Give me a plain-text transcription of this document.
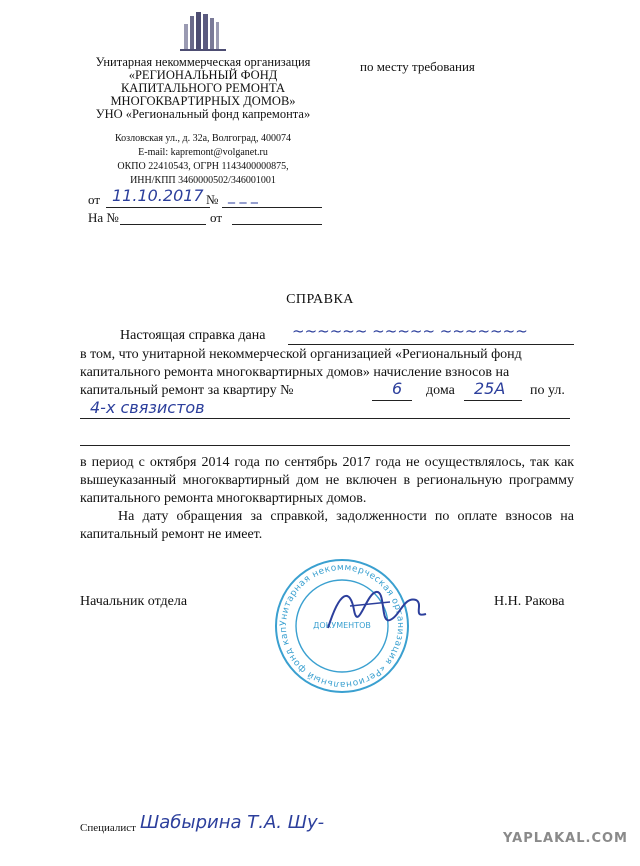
Унитарная некоммерческая организация
«РЕГИОНАЛЬНЫЙ ФОНД
КАПИТАЛЬНОГО РЕМОНТА
МНОГОКВАРТИРНЫХ ДОМОВ»
УНО «Региональный фонд капремонта»
Козловская ул., д. 32а, Волгоград, 400074
E-mail: kapremont@volganet.ru
ОКПО 22410543, ОГРН 1143400000875,
ИНН/КПП 3460000502/346001001
по месту требования
от 11.10.2017 № _ _ _
На №	от
СПРАВКА
Настоящая справка дана ~~~~~~ ~~~~~ ~~~~~~~
в том, что унитарной некоммерческой организацией «Региональный фонд
капитального ремонта многоквартирных домов» начисление взносов на
капитальный ремонт за квартиру №	6 дома 25А по ул.
4-х связистов
в период с октября 2014 года по сентябрь 2017 года не осуществлялось, так как вышеуказанный многоквартирный дом не включен в региональную программу капитального ремонта многоквартирных домов.
На дату обращения за справкой, задолженности по оплате взносов на капитальный ремонт не имеет.
Начальник отдела	Н.Н. Ракова
Унитарная некоммерческая организация «Региональный фонд кап	ДОКУМЕНТОВ
Специалист Шабырина Т.А. Шу-
YAPLAKAL.COM
